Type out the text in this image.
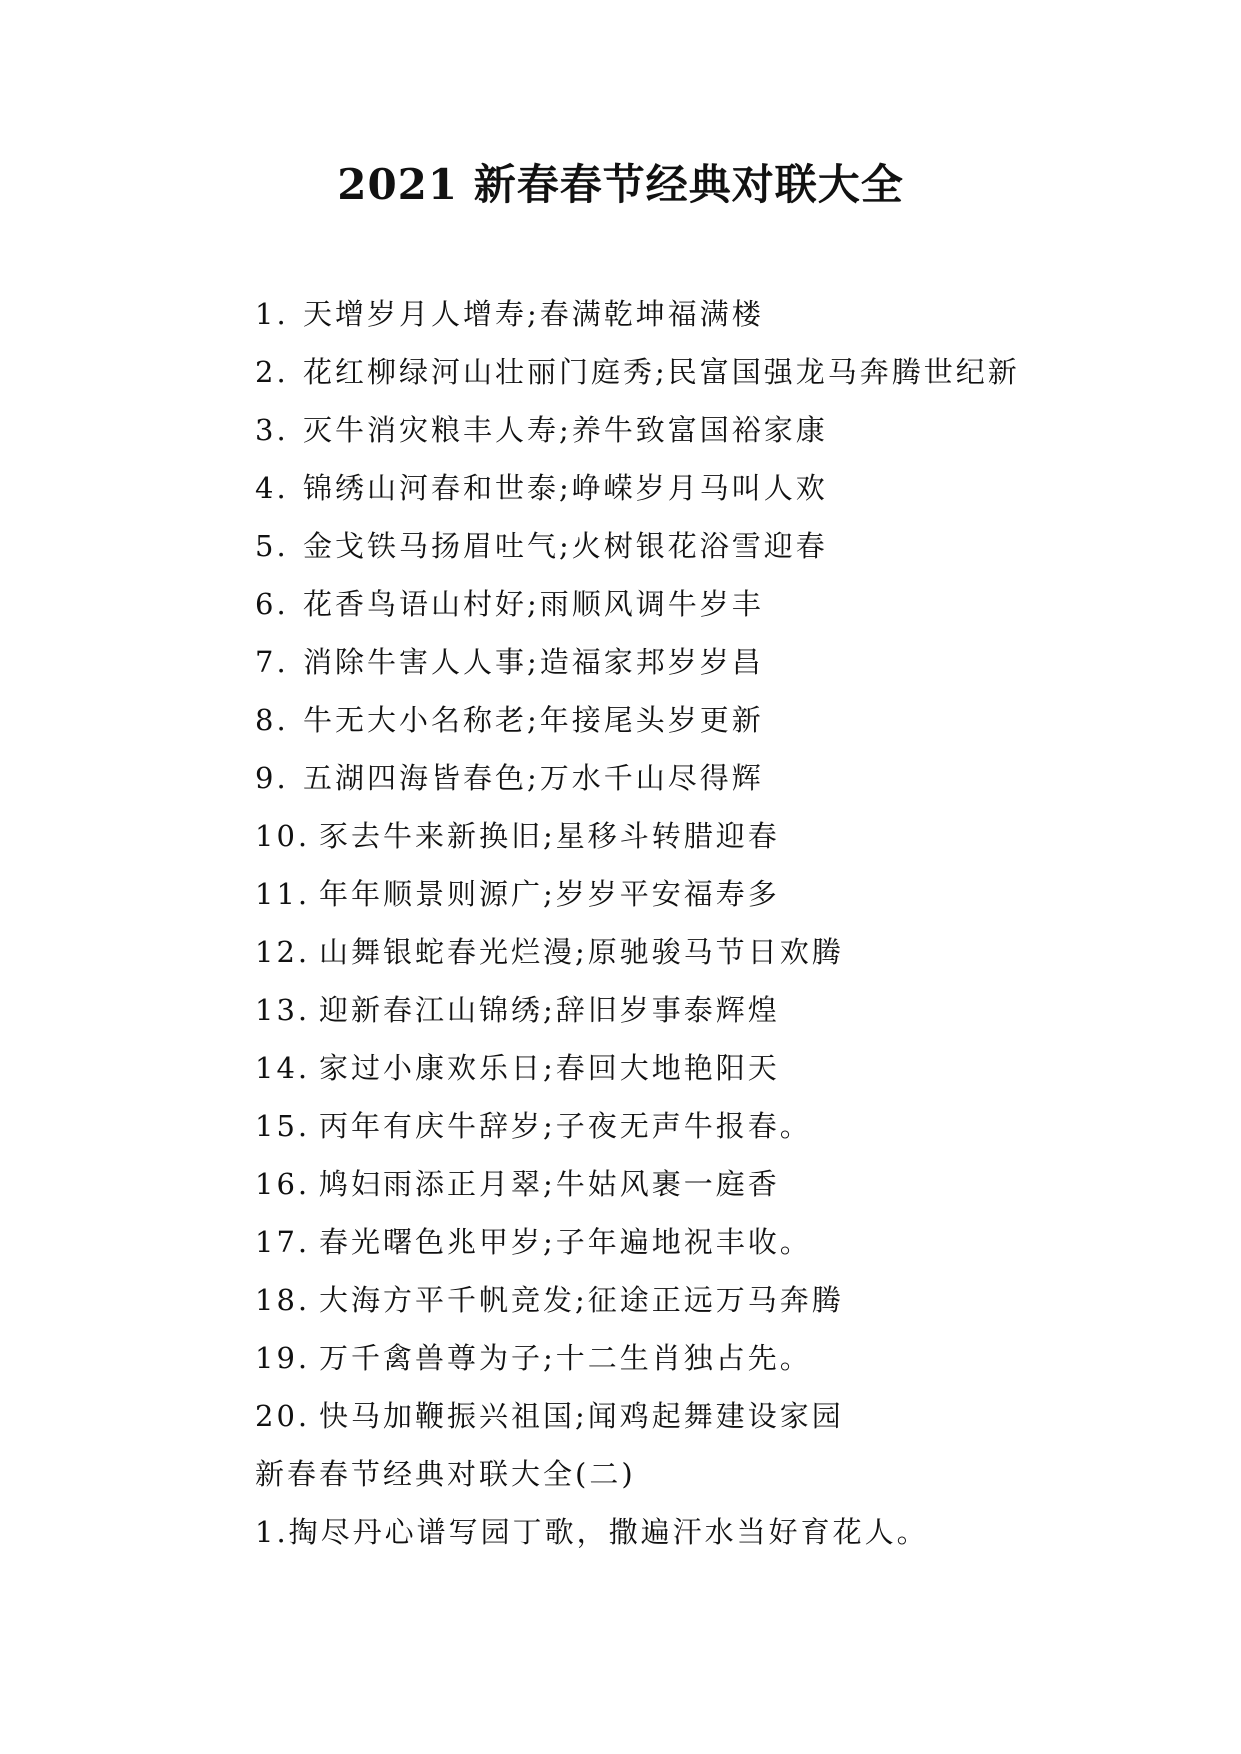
2021 新春春节经典对联大全
1. 天增岁月人增寿;春满乾坤福满楼
2. 花红柳绿河山壮丽门庭秀;民富国强龙马奔腾世纪新
3. 灭牛消灾粮丰人寿;养牛致富国裕家康
4. 锦绣山河春和世泰;峥嵘岁月马叫人欢
5. 金戈铁马扬眉吐气;火树银花浴雪迎春
6. 花香鸟语山村好;雨顺风调牛岁丰
7. 消除牛害人人事;造福家邦岁岁昌
8. 牛无大小名称老;年接尾头岁更新
9. 五湖四海皆春色;万水千山尽得辉
10. 豕去牛来新换旧;星移斗转腊迎春
11. 年年顺景则源广;岁岁平安福寿多
12. 山舞银蛇春光烂漫;原驰骏马节日欢腾
13. 迎新春江山锦绣;辞旧岁事泰辉煌
14. 家过小康欢乐日;春回大地艳阳天
15. 丙年有庆牛辞岁;子夜无声牛报春。
16. 鸠妇雨添正月翠;牛姑风裹一庭香
17. 春光曙色兆甲岁;子年遍地祝丰收。
18. 大海方平千帆竞发;征途正远万马奔腾
19. 万千禽兽尊为子;十二生肖独占先。
20. 快马加鞭振兴祖国;闻鸡起舞建设家园
新春春节经典对联大全(二)
1.掏尽丹心谱写园丁歌，撒遍汗水当好育花人。
